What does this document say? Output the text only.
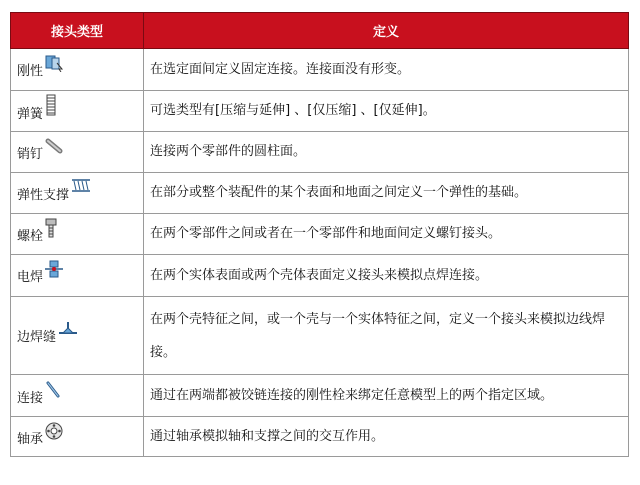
接头类型	定义
刚性	在选定面间定义固定连接。连接面没有形变。
弹簧	可选类型有[压缩与延伸] 、[仅压缩] 、[仅延伸]。
销钉	连接两个零部件的圆柱面。
弹性支撑	在部分或整个装配件的某个表面和地面之间定义一个弹性的基础。
螺栓	在两个零部件之间或者在一个零部件和地面间定义螺钉接头。
电焊	在两个实体表面或两个壳体表面定义接头来模拟点焊连接。
边焊缝	在两个壳特征之间，或一个壳与一个实体特征之间，定义一个接头来模拟边线焊接。
连接	通过在两端都被饺链连接的刚性栓来绑定任意模型上的两个指定区域。
轴承	通过轴承模拟轴和支撑之间的交互作用。
